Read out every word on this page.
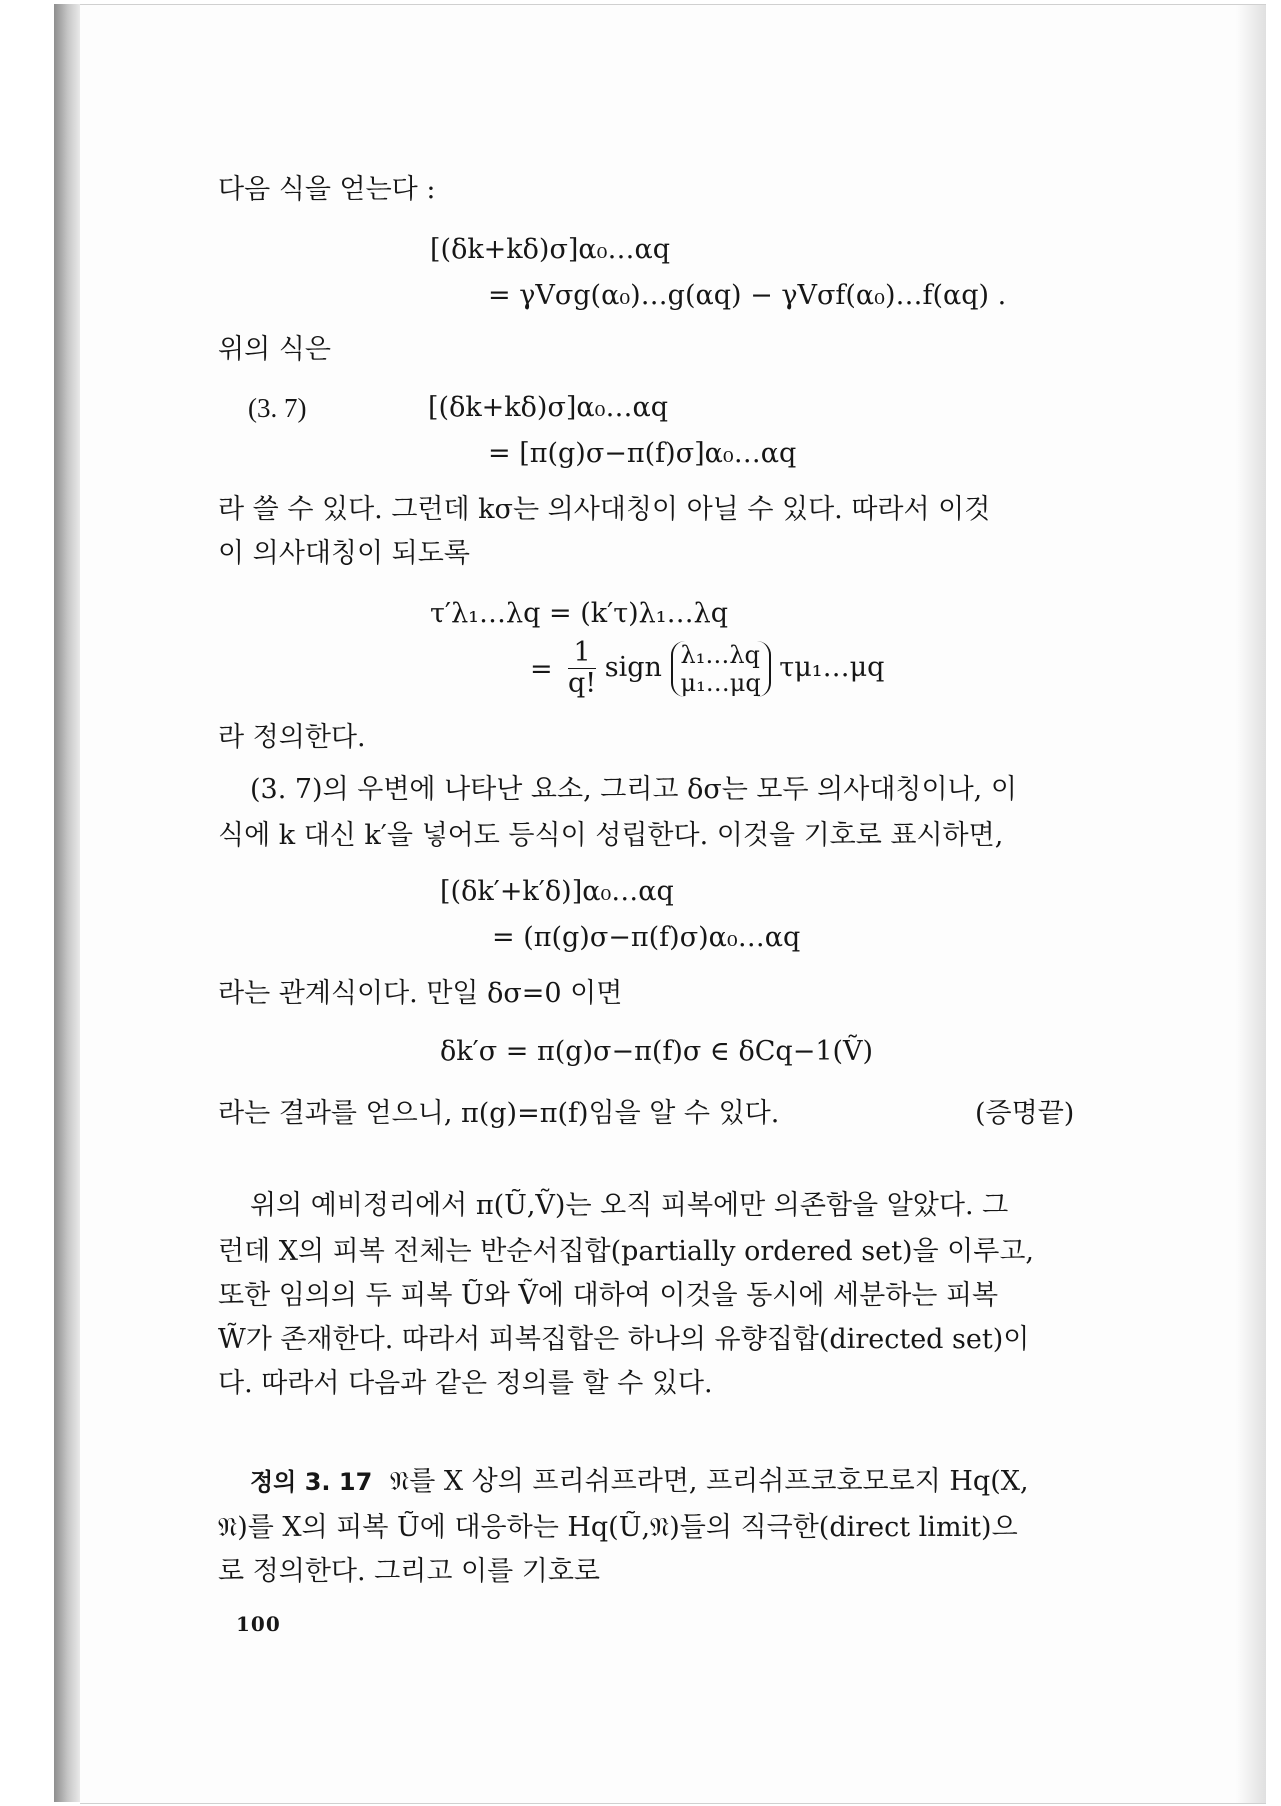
다음 식을 얻는다 :
[(δk+kδ)σ]α₀…αq
= γVσg(α₀)…g(αq) − γVσf(α₀)…f(αq) .
위의 식은
(3. 7)	[(δk+kδ)σ]α₀…αq
= [π(g)σ−π(f)σ]α₀…αq
라 쓸 수 있다. 그런데 kσ는 의사대칭이 아닐 수 있다. 따라서 이것
이 의사대칭이 되도록
τ′λ₁…λq = (k′τ)λ₁…λq
= $\frac{1}{q!}$ sign λ₁…λq
μ₁…μq τμ₁…μq
라 정의한다.
(3. 7)의 우변에 나타난 요소, 그리고 δσ는 모두 의사대칭이나, 이
식에 k 대신 k′을 넣어도 등식이 성립한다. 이것을 기호로 표시하면,
[(δk′+k′δ)]α₀…αq
= (π(g)σ−π(f)σ)α₀…αq
라는 관계식이다. 만일 δσ=0 이면
δk′σ = π(g)σ−π(f)σ ∈ δCq−1(Ṽ)
라는 결과를 얻으니, π(g)=π(f)임을 알 수 있다.	(증명끝)
위의 예비정리에서 π(Ũ,Ṽ)는 오직 피복에만 의존함을 알았다. 그
런데 X의 피복 전체는 반순서집합(partially ordered set)을 이루고,
또한 임의의 두 피복 Ũ와 Ṽ에 대하여 이것을 동시에 세분하는 피복
W̃가 존재한다. 따라서 피복집합은 하나의 유향집합(directed set)이
다. 따라서 다음과 같은 정의를 할 수 있다.
정의 3. 17 𝔑를 X 상의 프리쉬프라면, 프리쉬프코호모로지 Hq(X,
𝔑)를 X의 피복 Ũ에 대응하는 Hq(Ũ,𝔑)들의 직극한(direct limit)으
로 정의한다. 그리고 이를 기호로
100
